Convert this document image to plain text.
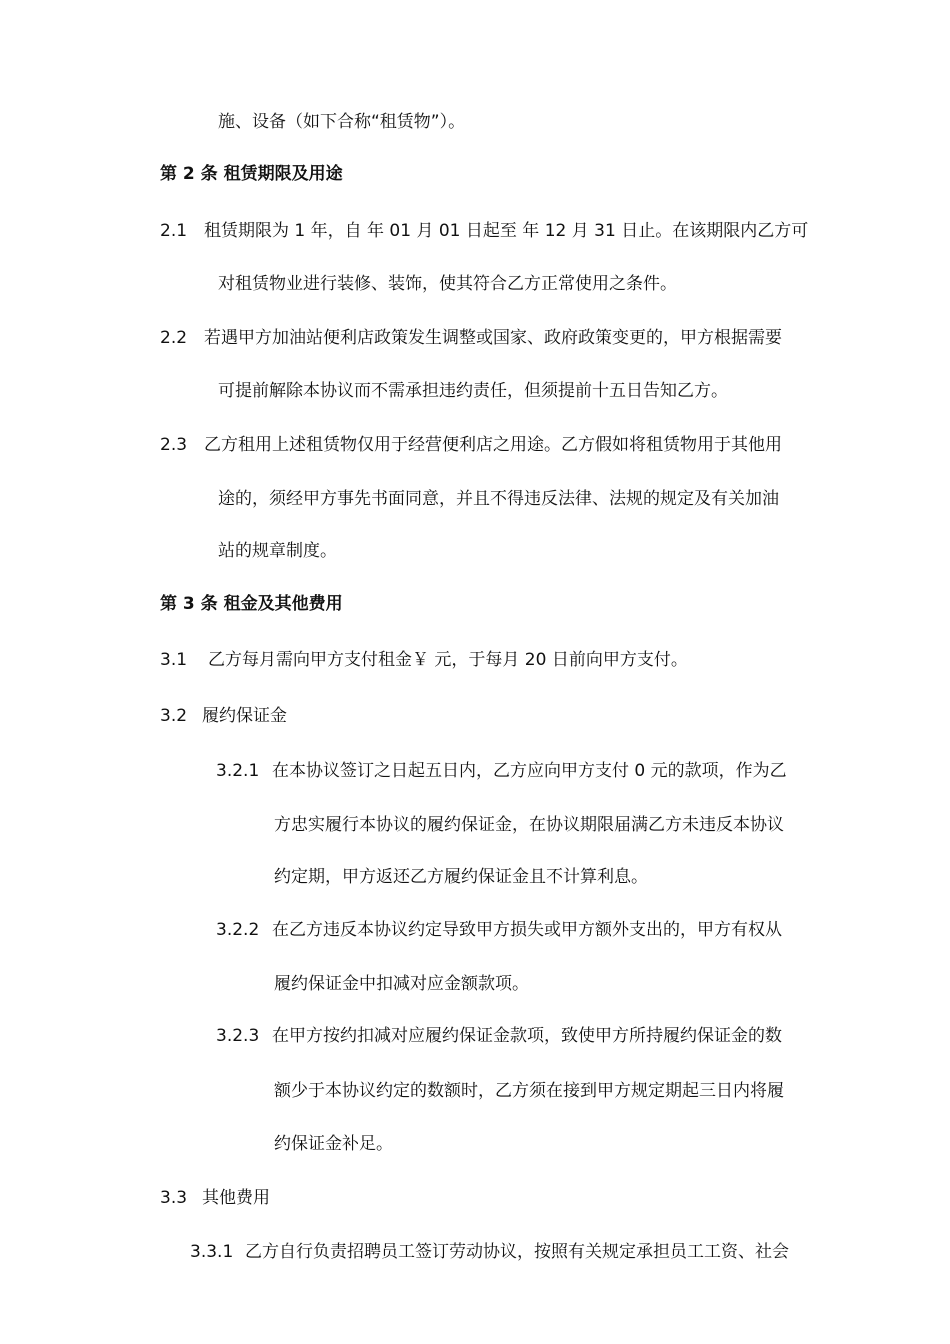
施、设备（如下合称“租赁物”）。
第 2 条 租赁期限及用途
2.1 租赁期限为 1 年，自 年 01 月 01 日起至 年 12 月 31 日止。在该期限内乙方可
对租赁物业进行装修、装饰，使其符合乙方正常使用之条件。
2.2 若遇甲方加油站便利店政策发生调整或国家、政府政策变更的，甲方根据需要
可提前解除本协议而不需承担违约责任，但须提前十五日告知乙方。
2.3 乙方租用上述租赁物仅用于经营便利店之用途。乙方假如将租赁物用于其他用
途的，须经甲方事先书面同意，并且不得违反法律、法规的规定及有关加油
站的规章制度。
第 3 条 租金及其他费用
3.1 乙方每月需向甲方支付租金￥ 元，于每月 20 日前向甲方支付。
3.2 履约保证金
3.2.1 在本协议签订之日起五日内，乙方应向甲方支付 0 元的款项，作为乙
方忠实履行本协议的履约保证金，在协议期限届满乙方未违反本协议
约定期，甲方返还乙方履约保证金且不计算利息。
3.2.2 在乙方违反本协议约定导致甲方损失或甲方额外支出的，甲方有权从
履约保证金中扣减对应金额款项。
3.2.3 在甲方按约扣减对应履约保证金款项，致使甲方所持履约保证金的数
额少于本协议约定的数额时，乙方须在接到甲方规定期起三日内将履
约保证金补足。
3.3 其他费用
3.3.1 乙方自行负责招聘员工签订劳动协议，按照有关规定承担员工工资、社会
